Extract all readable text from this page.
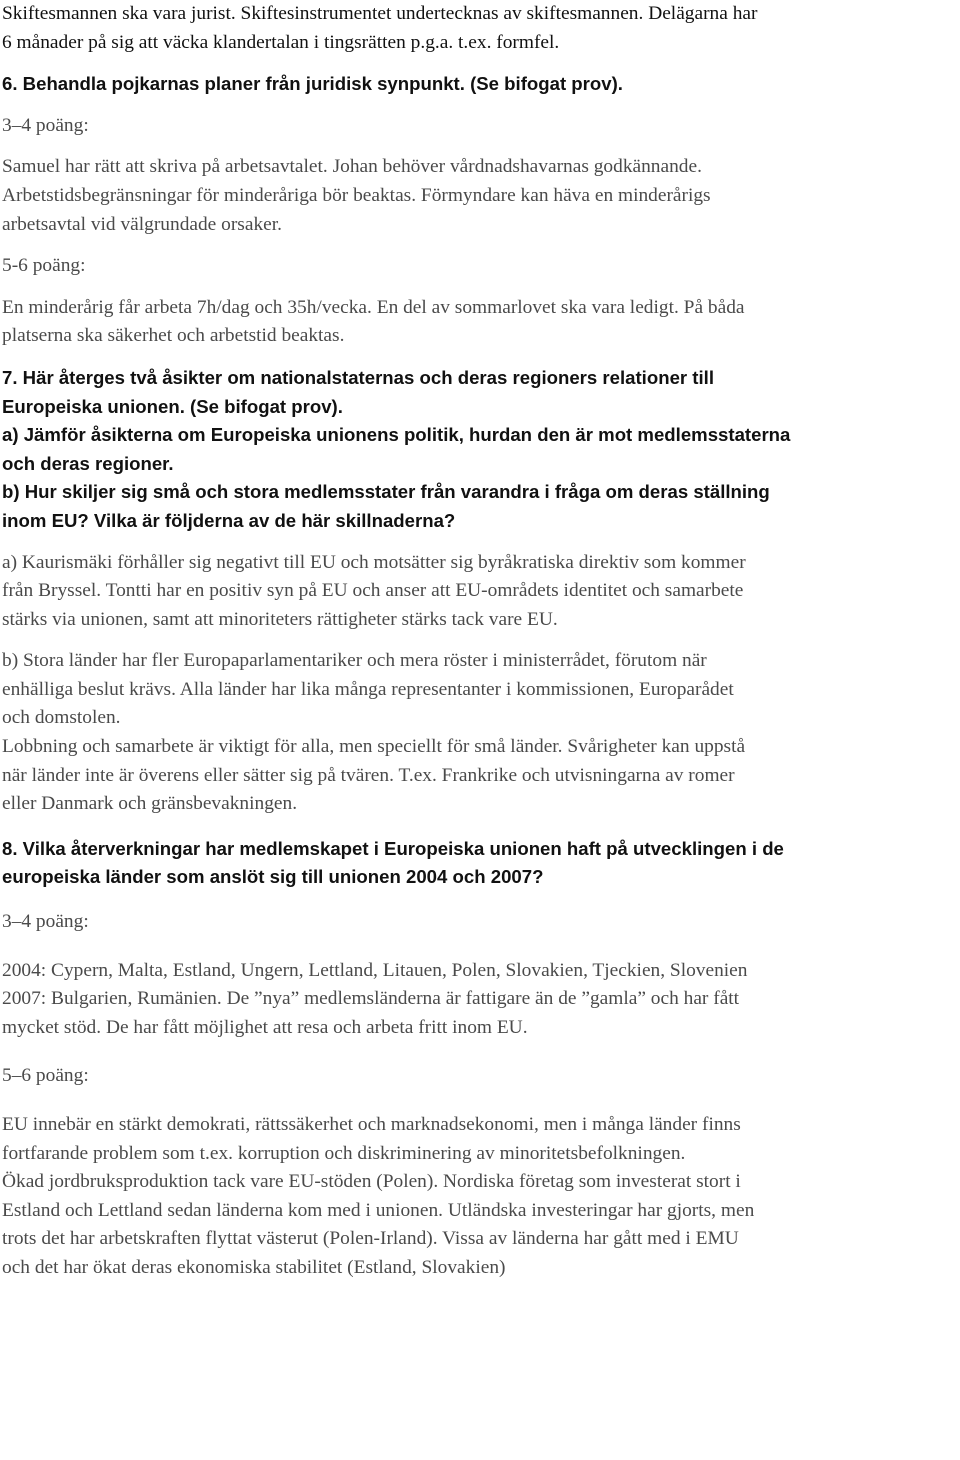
Skiftesmannen ska vara jurist. Skiftesinstrumentet undertecknas av skiftesmannen. Delägarna har
6 månader på sig att väcka klandertalan i tingsrätten p.g.a. t.ex. formfel.
6. Behandla pojkarnas planer från juridisk synpunkt. (Se bifogat prov).
3–4 poäng:
Samuel har rätt att skriva på arbetsavtalet. Johan behöver vårdnadshavarnas godkännande.
Arbetstidsbegränsningar för minderåriga bör beaktas. Förmyndare kan häva en minderårigs
arbetsavtal vid välgrundade orsaker.
5-6 poäng:
En minderårig får arbeta 7h/dag och 35h/vecka. En del av sommarlovet ska vara ledigt. På båda
platserna ska säkerhet och arbetstid beaktas.
7. Här återges två åsikter om nationalstaternas och deras regioners relationer till
Europeiska unionen. (Se bifogat prov).
a) Jämför åsikterna om Europeiska unionens politik, hurdan den är mot medlemsstaterna
och deras regioner.
b) Hur skiljer sig små och stora medlemsstater från varandra i fråga om deras ställning
inom EU? Vilka är följderna av de här skillnaderna?
a) Kaurismäki förhåller sig negativt till EU och motsätter sig byråkratiska direktiv som kommer
från Bryssel. Tontti har en positiv syn på EU och anser att EU-områdets identitet och samarbete
stärks via unionen, samt att minoriteters rättigheter stärks tack vare EU.
b) Stora länder har fler Europaparlamentariker och mera röster i ministerrådet, förutom när
enhälliga beslut krävs. Alla länder har lika många representanter i kommissionen, Europarådet
och domstolen.
Lobbning och samarbete är viktigt för alla, men speciellt för små länder. Svårigheter kan uppstå
när länder inte är överens eller sätter sig på tvären. T.ex. Frankrike och utvisningarna av romer
eller Danmark och gränsbevakningen.
8. Vilka återverkningar har medlemskapet i Europeiska unionen haft på utvecklingen i de
europeiska länder som anslöt sig till unionen 2004 och 2007?
3–4 poäng:
2004: Cypern, Malta, Estland, Ungern, Lettland, Litauen, Polen, Slovakien, Tjeckien, Slovenien
2007: Bulgarien, Rumänien. De ”nya” medlemsländerna är fattigare än de ”gamla” och har fått
mycket stöd. De har fått möjlighet att resa och arbeta fritt inom EU.
5–6 poäng:
EU innebär en stärkt demokrati, rättssäkerhet och marknadsekonomi, men i många länder finns
fortfarande problem som t.ex. korruption och diskriminering av minoritetsbefolkningen.
Ökad jordbruksproduktion tack vare EU-stöden (Polen). Nordiska företag som investerat stort i
Estland och Lettland sedan länderna kom med i unionen. Utländska investeringar har gjorts, men
trots det har arbetskraften flyttat västerut (Polen-Irland). Vissa av länderna har gått med i EMU
och det har ökat deras ekonomiska stabilitet (Estland, Slovakien)
